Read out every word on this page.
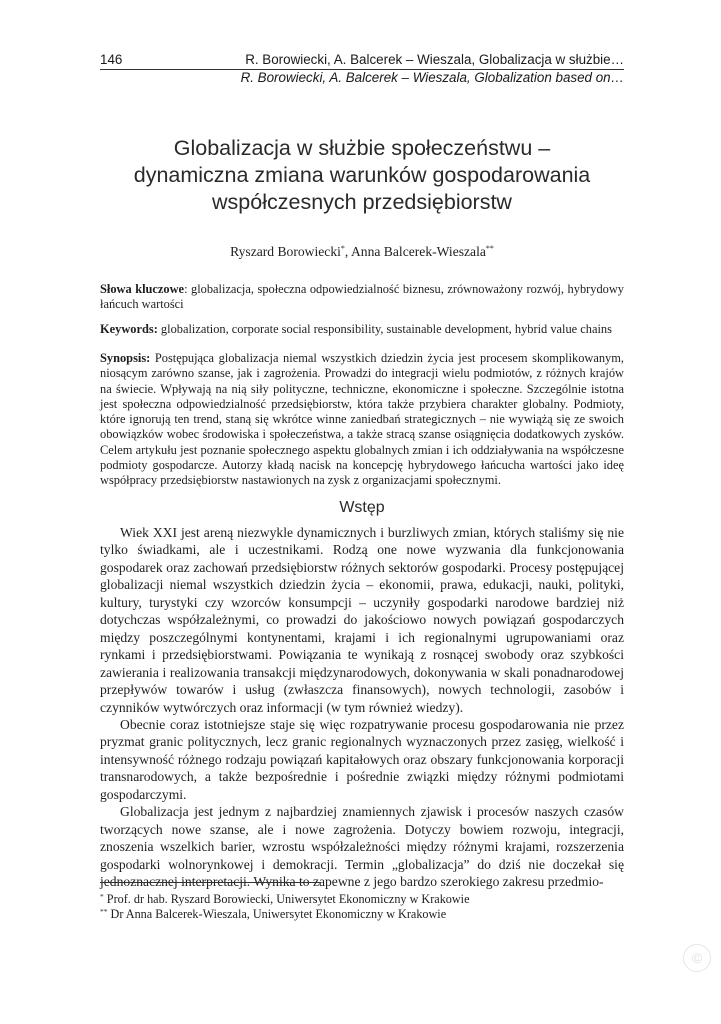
146	R. Borowiecki, A. Balcerek – Wieszala, Globalizacja w służbie…
R. Borowiecki, A. Balcerek – Wieszala, Globalization based on…
Globalizacja w służbie społeczeństwu –
dynamiczna zmiana warunków gospodarowania
współczesnych przedsiębiorstw
Ryszard Borowiecki*, Anna Balcerek-Wieszala**
Słowa kluczowe: globalizacja, społeczna odpowiedzialność biznesu, zrównoważony rozwój, hybrydowy łańcuch wartości
Keywords: globalization, corporate social responsibility, sustainable development, hybrid value chains
Synopsis: Postępująca globalizacja niemal wszystkich dziedzin życia jest procesem skomplikowanym, niosącym zarówno szanse, jak i zagrożenia. Prowadzi do integracji wielu podmiotów, z różnych krajów na świecie. Wpływają na nią siły polityczne, techniczne, ekonomiczne i społeczne. Szczególnie istotna jest społeczna odpowiedzialność przedsiębiorstw, która także przybiera charakter globalny. Podmioty, które ignorują ten trend, staną się wkrótce winne zaniedbań strategicznych – nie wywiążą się ze swoich obowiązków wobec środowiska i społeczeństwa, a także stracą szanse osiągnięcia dodatkowych zysków. Celem artykułu jest poznanie społecznego aspektu globalnych zmian i ich oddziaływania na współczesne podmioty gospodarcze. Autorzy kładą nacisk na koncepcję hybrydowego łańcucha wartości jako ideę współpracy przedsiębiorstw nastawionych na zysk z organizacjami społecznymi.
Wstęp

Wiek XXI jest areną niezwykle dynamicznych i burzliwych zmian, których staliśmy się nie tylko świadkami, ale i uczestnikami. Rodzą one nowe wyzwania dla funkcjonowania gospodarek oraz zachowań przedsiębiorstw różnych sektorów gospodarki. Procesy postępującej globalizacji niemal wszystkich dziedzin życia – ekonomii, prawa, edukacji, nauki, polityki, kultury, turystyki czy wzorców konsumpcji – uczyniły gospodarki narodowe bardziej niż dotychczas współzależnymi, co prowadzi do jakościowo nowych powiązań gospodarczych między poszczególnymi kontynentami, krajami i ich regionalnymi ugrupowaniami oraz rynkami i przedsiębiorstwami. Powiązania te wynikają z rosnącej swobody oraz szybkości zawierania i realizowania transakcji międzynarodowych, dokonywania w skali ponadnarodowej przepływów towarów i usług (zwłaszcza finansowych), nowych technologii, zasobów i czynników wytwórczych oraz informacji (w tym również wiedzy).

Obecnie coraz istotniejsze staje się więc rozpatrywanie procesu gospodarowania nie przez pryzmat granic politycznych, lecz granic regionalnych wyznaczonych przez zasięg, wielkość i intensywność różnego rodzaju powiązań kapitałowych oraz obszary funkcjonowania korporacji transnarodowych, a także bezpośrednie i pośrednie związki między różnymi podmiotami gospodarczymi.

Globalizacja jest jednym z najbardziej znamiennych zjawisk i procesów naszych czasów tworzących nowe szanse, ale i nowe zagrożenia. Dotyczy bowiem rozwoju, integracji, znoszenia wszelkich barier, wzrostu współzależności między różnymi krajami, rozszerzenia gospodarki wolnorynkowej i demokracji. Termin „globalizacja” do dziś nie doczekał się jednoznacznej interpretacji. Wynika to zapewne z jego bardzo szerokiego zakresu przedmio-

* Prof. dr hab. Ryszard Borowiecki, Uniwersytet Ekonomiczny w Krakowie
** Dr Anna Balcerek-Wieszala, Uniwersytet Ekonomiczny w Krakowie
©
